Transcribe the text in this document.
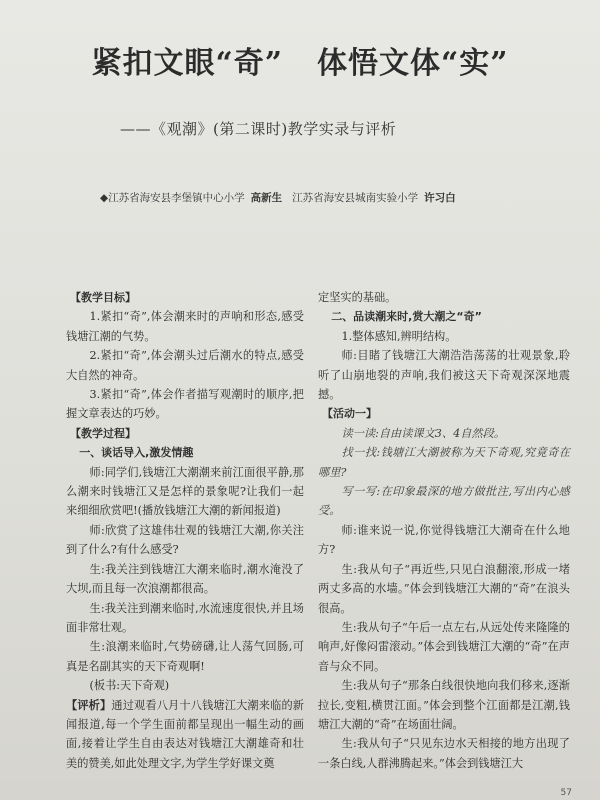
紧扣文眼“奇” 体悟文体“实”
——《观潮》(第二课时)教学实录与评析
◆江苏省海安县李堡镇中心小学 高新生 江苏省海安县城南实验小学 许习白

【教学目标】

1.紧扣“奇”,体会潮来时的声响和形态,感受钱塘江潮的气势。

2.紧扣“奇”,体会潮头过后潮水的特点,感受大自然的神奇。

3.紧扣“奇”,体会作者描写观潮时的顺序,把握文章表达的巧妙。

【教学过程】

一、谈话导入,激发情趣

师:同学们,钱塘江大潮潮来前江面很平静,那么潮来时钱塘江又是怎样的景象呢?让我们一起来细细欣赏吧!(播放钱塘江大潮的新闻报道)

师:欣赏了这雄伟壮观的钱塘江大潮,你关注到了什么?有什么感受?

生:我关注到钱塘江大潮来临时,潮水淹没了大坝,而且每一次浪潮都很高。

生:我关注到潮来临时,水流速度很快,并且场面非常壮观。

生:浪潮来临时,气势磅礴,让人荡气回肠,可真是名副其实的天下奇观啊!

(板书:天下奇观)

【评析】通过观看八月十八钱塘江大潮来临的新闻报道,每一个学生面前都呈现出一幅生动的画面,接着让学生自由表达对钱塘江大潮雄奇和壮美的赞美,如此处理文字,为学生学好课文奠

定坚实的基础。

二、品读潮来时,赏大潮之“奇”

1.整体感知,辨明结构。

师:目睹了钱塘江大潮浩浩荡荡的壮观景象,聆听了山崩地裂的声响,我们被这天下奇观深深地震撼。

【活动一】

读一读:自由读课文3、4自然段。

找一找:钱塘江大潮被称为天下奇观,究竟奇在哪里?

写一写:在印象最深的地方做批注,写出内心感受。

师:谁来说一说,你觉得钱塘江大潮奇在什么地方?

生:我从句子“再近些,只见白浪翻滚,形成一堵两丈多高的水墙。”体会到钱塘江大潮的“奇”在浪头很高。

生:我从句子“午后一点左右,从远处传来隆隆的响声,好像闷雷滚动。”体会到钱塘江大潮的“奇”在声音与众不同。

生:我从句子“那条白线很快地向我们移来,逐渐拉长,变粗,横贯江面。”体会到整个江面都是江潮,钱塘江大潮的“奇”在场面壮阔。

生:我从句子“只见东边水天相接的地方出现了一条白线,人群沸腾起来。”体会到钱塘江大

57
